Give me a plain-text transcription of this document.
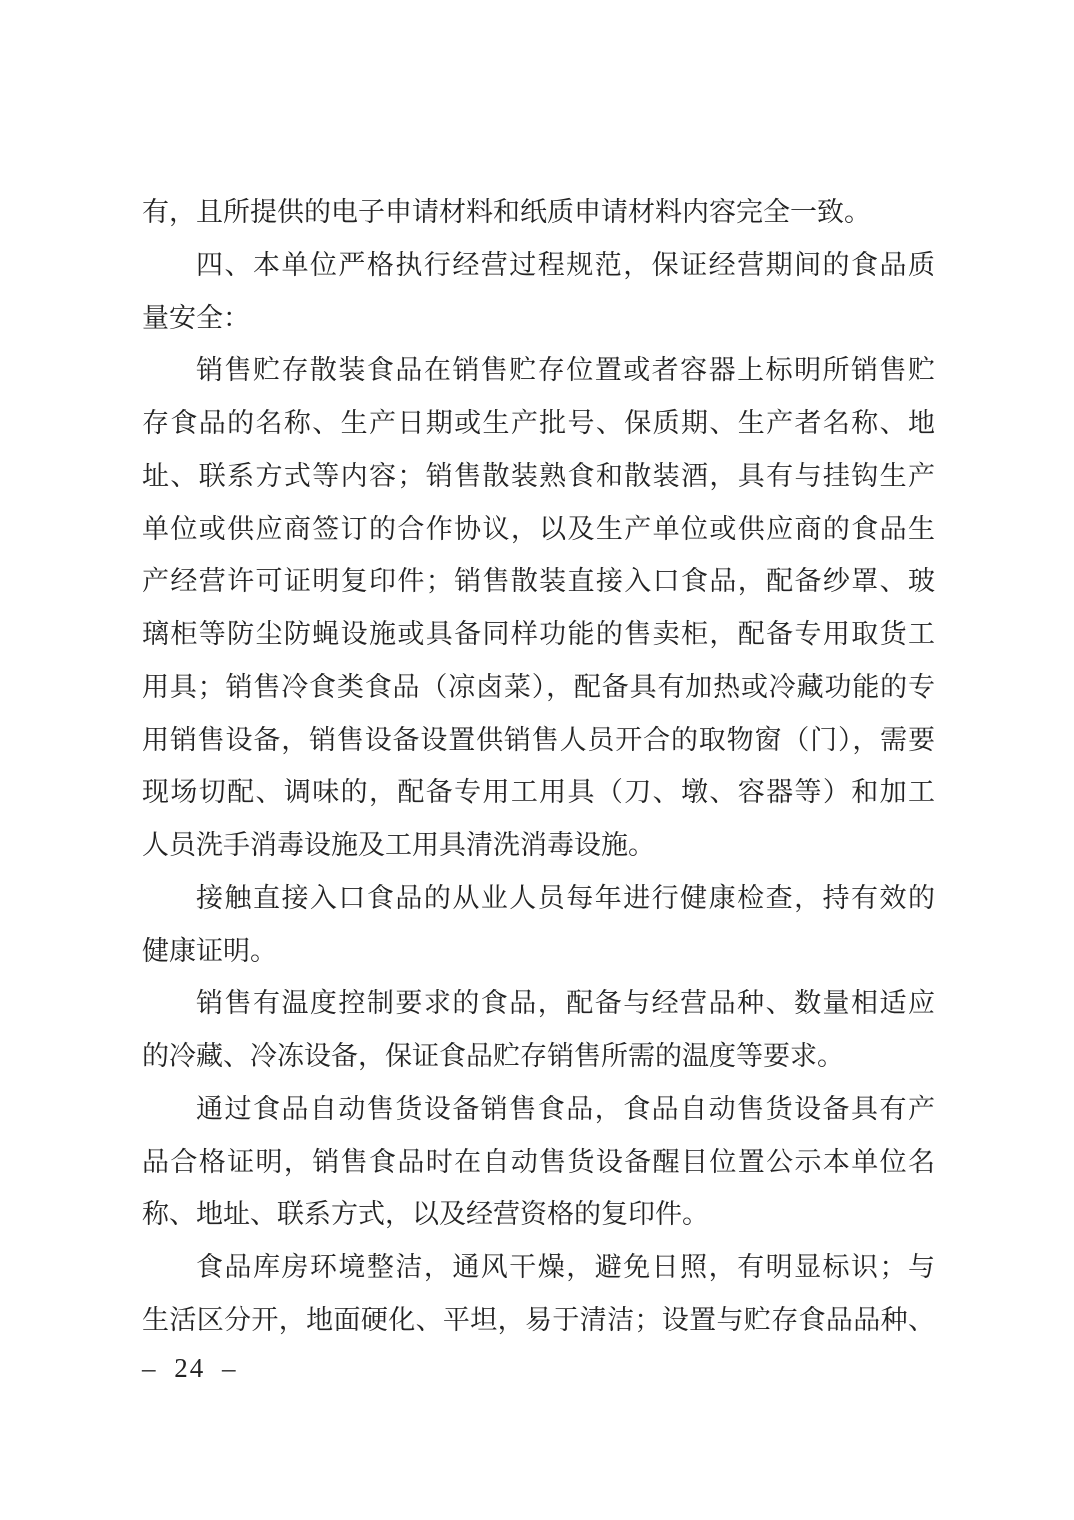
有，且所提供的电子申请材料和纸质申请材料内容完全一致。
四、本单位严格执行经营过程规范，保证经营期间的食品质
量安全：
销售贮存散装食品在销售贮存位置或者容器上标明所销售贮
存食品的名称、生产日期或生产批号、保质期、生产者名称、地
址、联系方式等内容；销售散装熟食和散装酒，具有与挂钩生产
单位或供应商签订的合作协议，以及生产单位或供应商的食品生
产经营许可证明复印件；销售散装直接入口食品，配备纱罩、玻
璃柜等防尘防蝇设施或具备同样功能的售卖柜，配备专用取货工
用具；销售冷食类食品（凉卤菜），配备具有加热或冷藏功能的专
用销售设备，销售设备设置供销售人员开合的取物窗（门），需要
现场切配、调味的，配备专用工用具（刀、墩、容器等）和加工
人员洗手消毒设施及工用具清洗消毒设施。
接触直接入口食品的从业人员每年进行健康检查，持有效的
健康证明。
销售有温度控制要求的食品，配备与经营品种、数量相适应
的冷藏、冷冻设备，保证食品贮存销售所需的温度等要求。
通过食品自动售货设备销售食品，食品自动售货设备具有产
品合格证明，销售食品时在自动售货设备醒目位置公示本单位名
称、地址、联系方式，以及经营资格的复印件。
食品库房环境整洁，通风干燥，避免日照，有明显标识；与
生活区分开，地面硬化、平坦，易于清洁；设置与贮存食品品种、
– 24 –
